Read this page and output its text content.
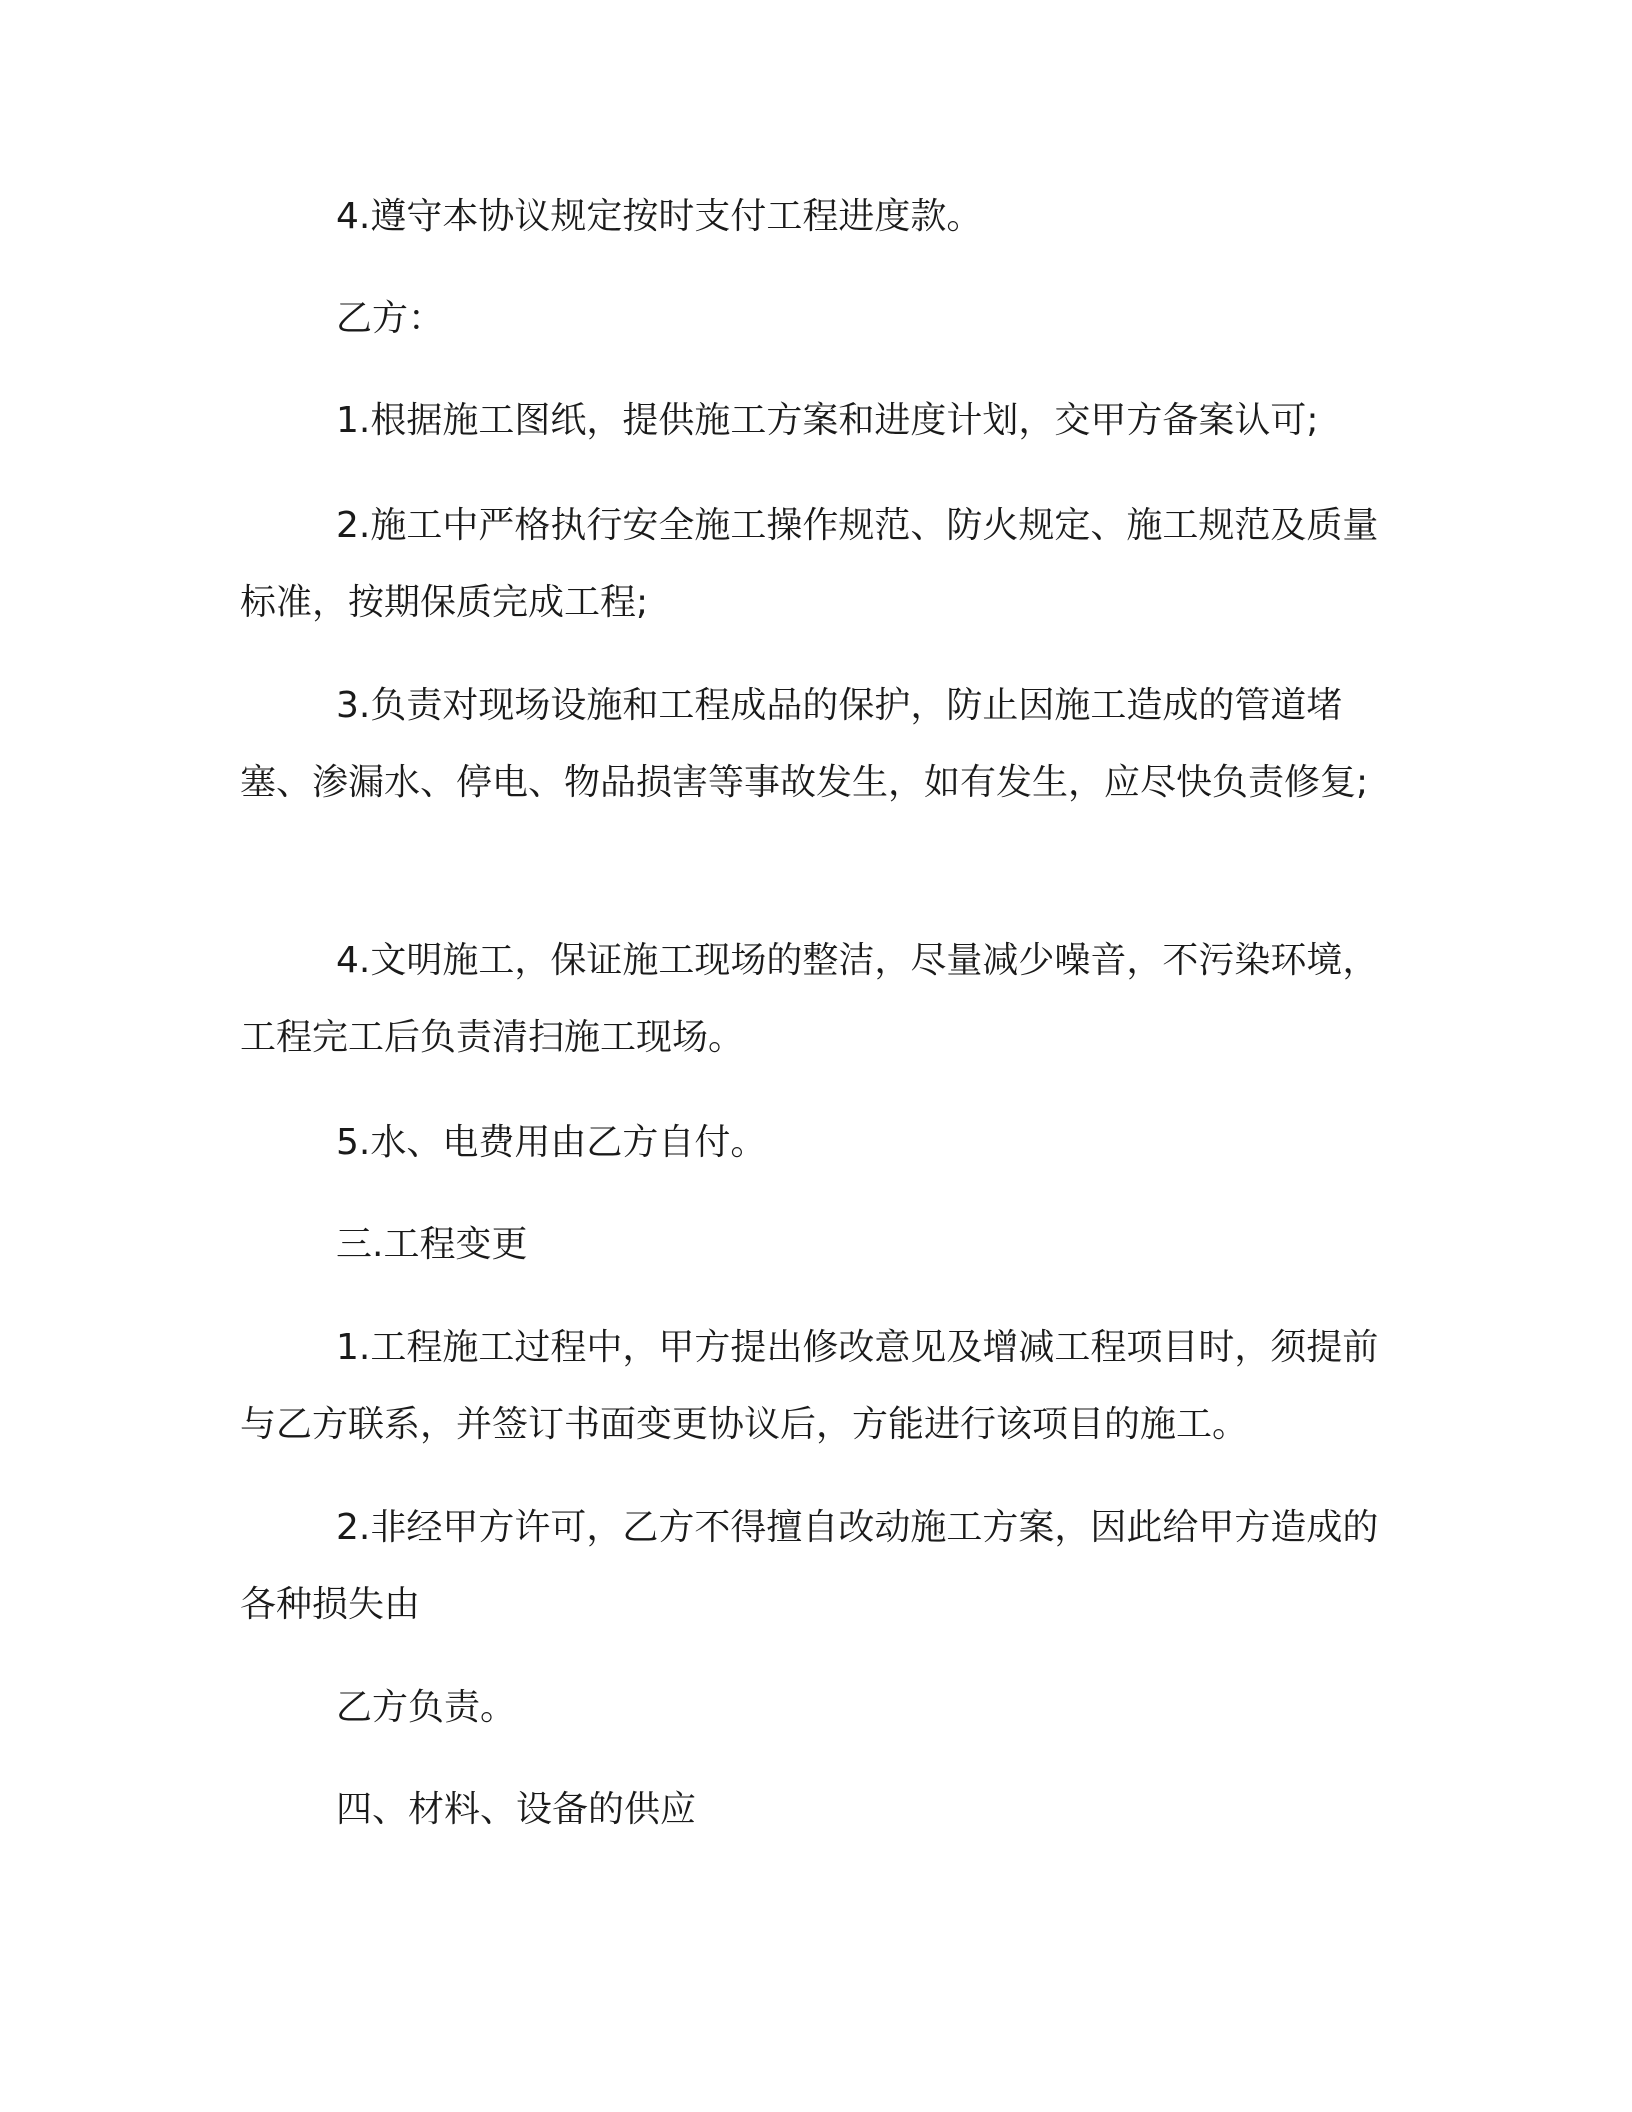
4.遵守本协议规定按时支付工程进度款。

乙方：

1.根据施工图纸，提供施工方案和进度计划，交甲方备案认可;

2.施工中严格执行安全施工操作规范、防火规定、施工规范及质量标准，按期保质完成工程;

3.负责对现场设施和工程成品的保护，防止因施工造成的管道堵塞、渗漏水、停电、物品损害等事故发生，如有发生，应尽快负责修复;

4.文明施工，保证施工现场的整洁，尽量减少噪音，不污染环境，工程完工后负责清扫施工现场。

5.水、电费用由乙方自付。

三.工程变更

1.工程施工过程中，甲方提出修改意见及增减工程项目时，须提前与乙方联系，并签订书面变更协议后，方能进行该项目的施工。

2.非经甲方许可，乙方不得擅自改动施工方案，因此给甲方造成的各种损失由

乙方负责。

四、材料、设备的供应
